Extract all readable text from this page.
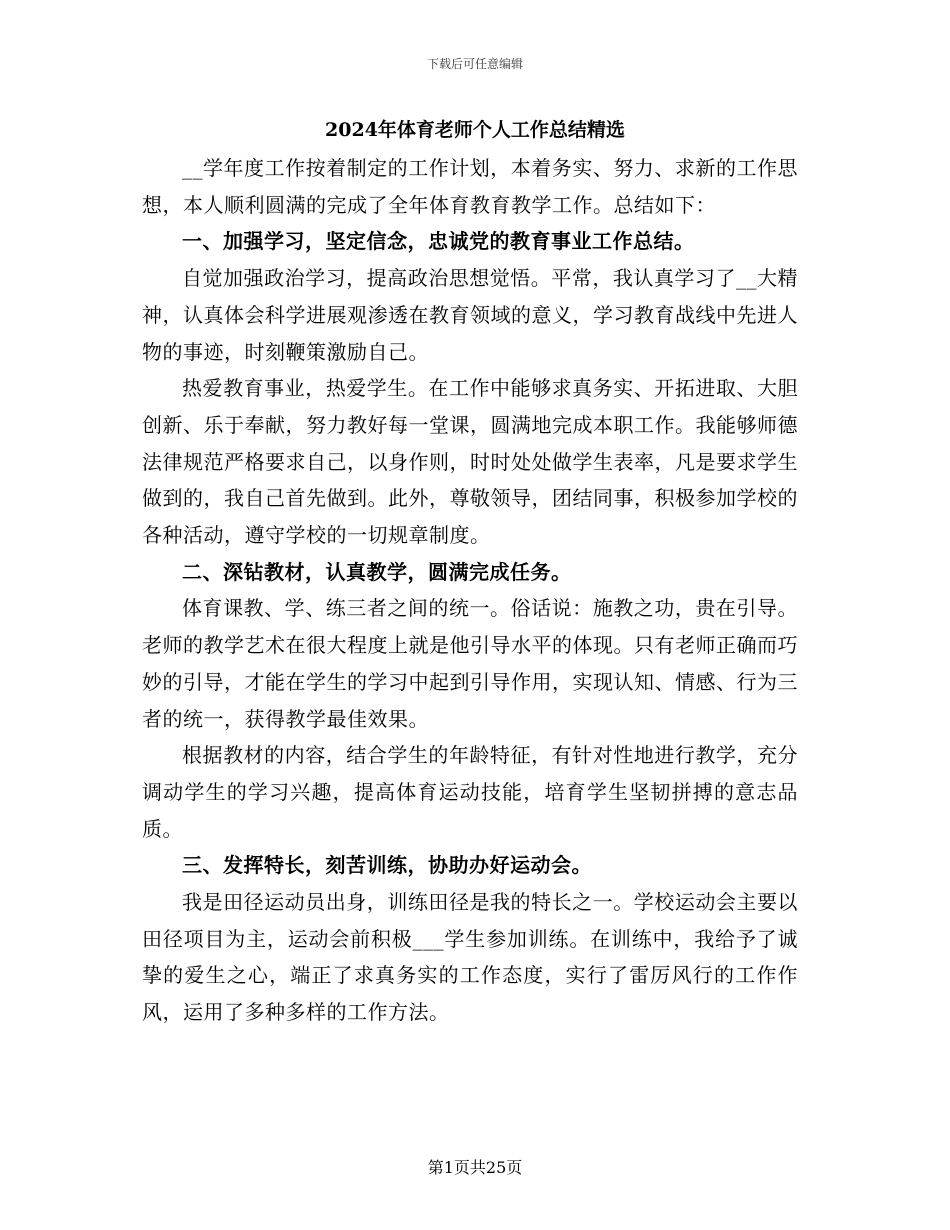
下载后可任意编辑
2024年体育老师个人工作总结精选

__学年度工作按着制定的工作计划，本着务实、努力、求新的工作思想，本人顺利圆满的完成了全年体育教育教学工作。总结如下：

一、加强学习，坚定信念，忠诚党的教育事业工作总结。

自觉加强政治学习，提高政治思想觉悟。平常，我认真学习了__大精神，认真体会科学进展观渗透在教育领域的意义，学习教育战线中先进人物的事迹，时刻鞭策激励自己。

热爱教育事业，热爱学生。在工作中能够求真务实、开拓进取、大胆创新、乐于奉献，努力教好每一堂课，圆满地完成本职工作。我能够师德法律规范严格要求自己，以身作则，时时处处做学生表率，凡是要求学生做到的，我自己首先做到。此外，尊敬领导，团结同事，积极参加学校的各种活动，遵守学校的一切规章制度。

二、深钻教材，认真教学，圆满完成任务。

体育课教、学、练三者之间的统一。俗话说：施教之功，贵在引导。老师的教学艺术在很大程度上就是他引导水平的体现。只有老师正确而巧妙的引导，才能在学生的学习中起到引导作用，实现认知、情感、行为三者的统一，获得教学最佳效果。

根据教材的内容，结合学生的年龄特征，有针对性地进行教学，充分调动学生的学习兴趣，提高体育运动技能，培育学生坚韧拼搏的意志品质。

三、发挥特长，刻苦训练，协助办好运动会。

我是田径运动员出身，训练田径是我的特长之一。学校运动会主要以田径项目为主，运动会前积极___学生参加训练。在训练中，我给予了诚挚的爱生之心，端正了求真务实的工作态度，实行了雷厉风行的工作作风，运用了多种多样的工作方法。

第1页共25页
